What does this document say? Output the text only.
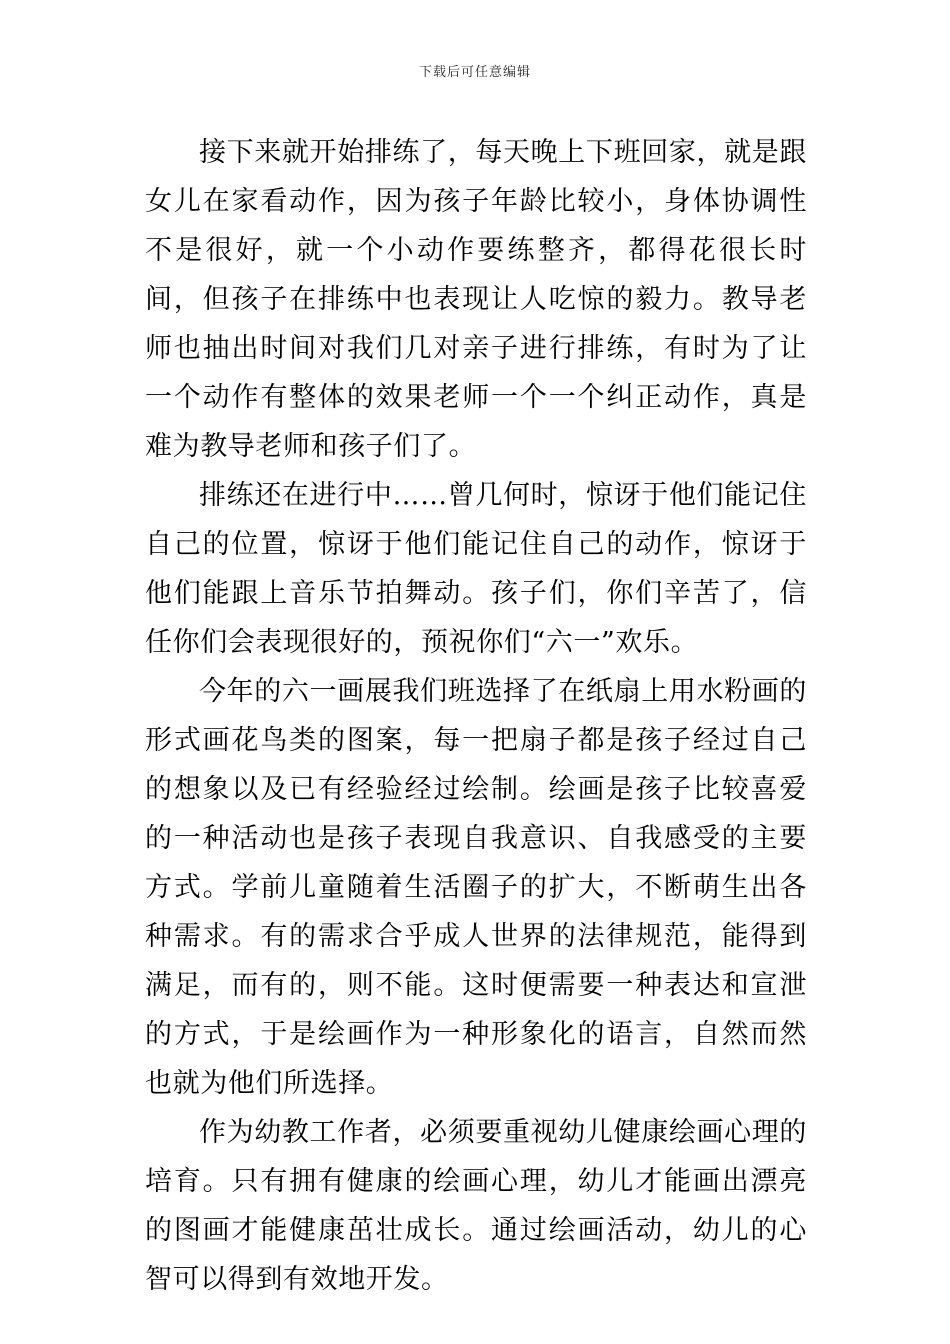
下载后可任意编辑

接下来就开始排练了，每天晚上下班回家，就是跟女儿在家看动作，因为孩子年龄比较小，身体协调性不是很好，就一个小动作要练整齐，都得花很长时间，但孩子在排练中也表现让人吃惊的毅力。教导老师也抽出时间对我们几对亲子进行排练，有时为了让一个动作有整体的效果老师一个一个纠正动作，真是难为教导老师和孩子们了。

排练还在进行中……曾几何时，惊讶于他们能记住自己的位置，惊讶于他们能记住自己的动作，惊讶于他们能跟上音乐节拍舞动。孩子们，你们辛苦了，信任你们会表现很好的，预祝你们“六一”欢乐。

今年的六一画展我们班选择了在纸扇上用水粉画的形式画花鸟类的图案，每一把扇子都是孩子经过自己的想象以及已有经验经过绘制。绘画是孩子比较喜爱的一种活动也是孩子表现自我意识、自我感受的主要方式。学前儿童随着生活圈子的扩大，不断萌生出各种需求。有的需求合乎成人世界的法律规范，能得到满足，而有的，则不能。这时便需要一种表达和宣泄的方式，于是绘画作为一种形象化的语言，自然而然也就为他们所选择。

作为幼教工作者，必须要重视幼儿健康绘画心理的培育。只有拥有健康的绘画心理，幼儿才能画出漂亮的图画才能健康茁壮成长。通过绘画活动，幼儿的心智可以得到有效地开发。
